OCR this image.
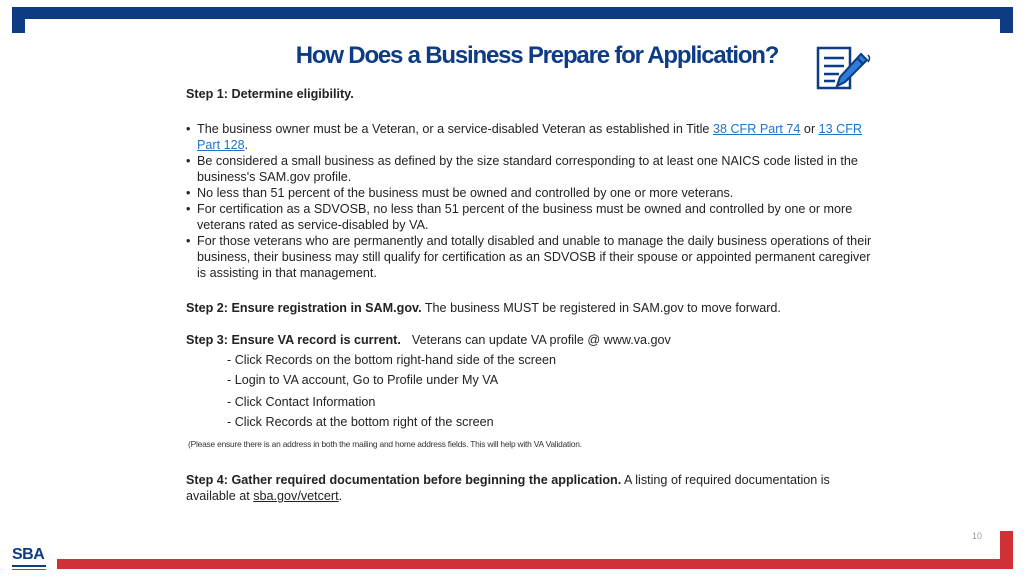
How Does a Business Prepare for Application?
Step 1: Determine eligibility.
• The business owner must be a Veteran, or a service-disabled Veteran as established in Title 38 CFR Part 74 or 13 CFR Part 128.
• Be considered a small business as defined by the size standard corresponding to at least one NAICS code listed in the business's SAM.gov profile.
• No less than 51 percent of the business must be owned and controlled by one or more veterans.
• For certification as a SDVOSB, no less than 51 percent of the business must be owned and controlled by one or more veterans rated as service-disabled by VA.
• For those veterans who are permanently and totally disabled and unable to manage the daily business operations of their business, their business may still qualify for certification as an SDVOSB if their spouse or appointed permanent caregiver is assisting in that management.
Step 2: Ensure registration in SAM.gov. The business MUST be registered in SAM.gov to move forward.
Step 3: Ensure VA record is current. Veterans can update VA profile @ www.va.gov
- Click Records on the bottom right-hand side of the screen
- Login to VA account, Go to Profile under My VA
- Click Contact Information
- Click Records at the bottom right of the screen
(Please ensure there is an address in both the mailing and home address fields. This will help with VA Validation.
Step 4: Gather required documentation before beginning the application. A listing of required documentation is
available at sba.gov/vetcert.
10
SBA
